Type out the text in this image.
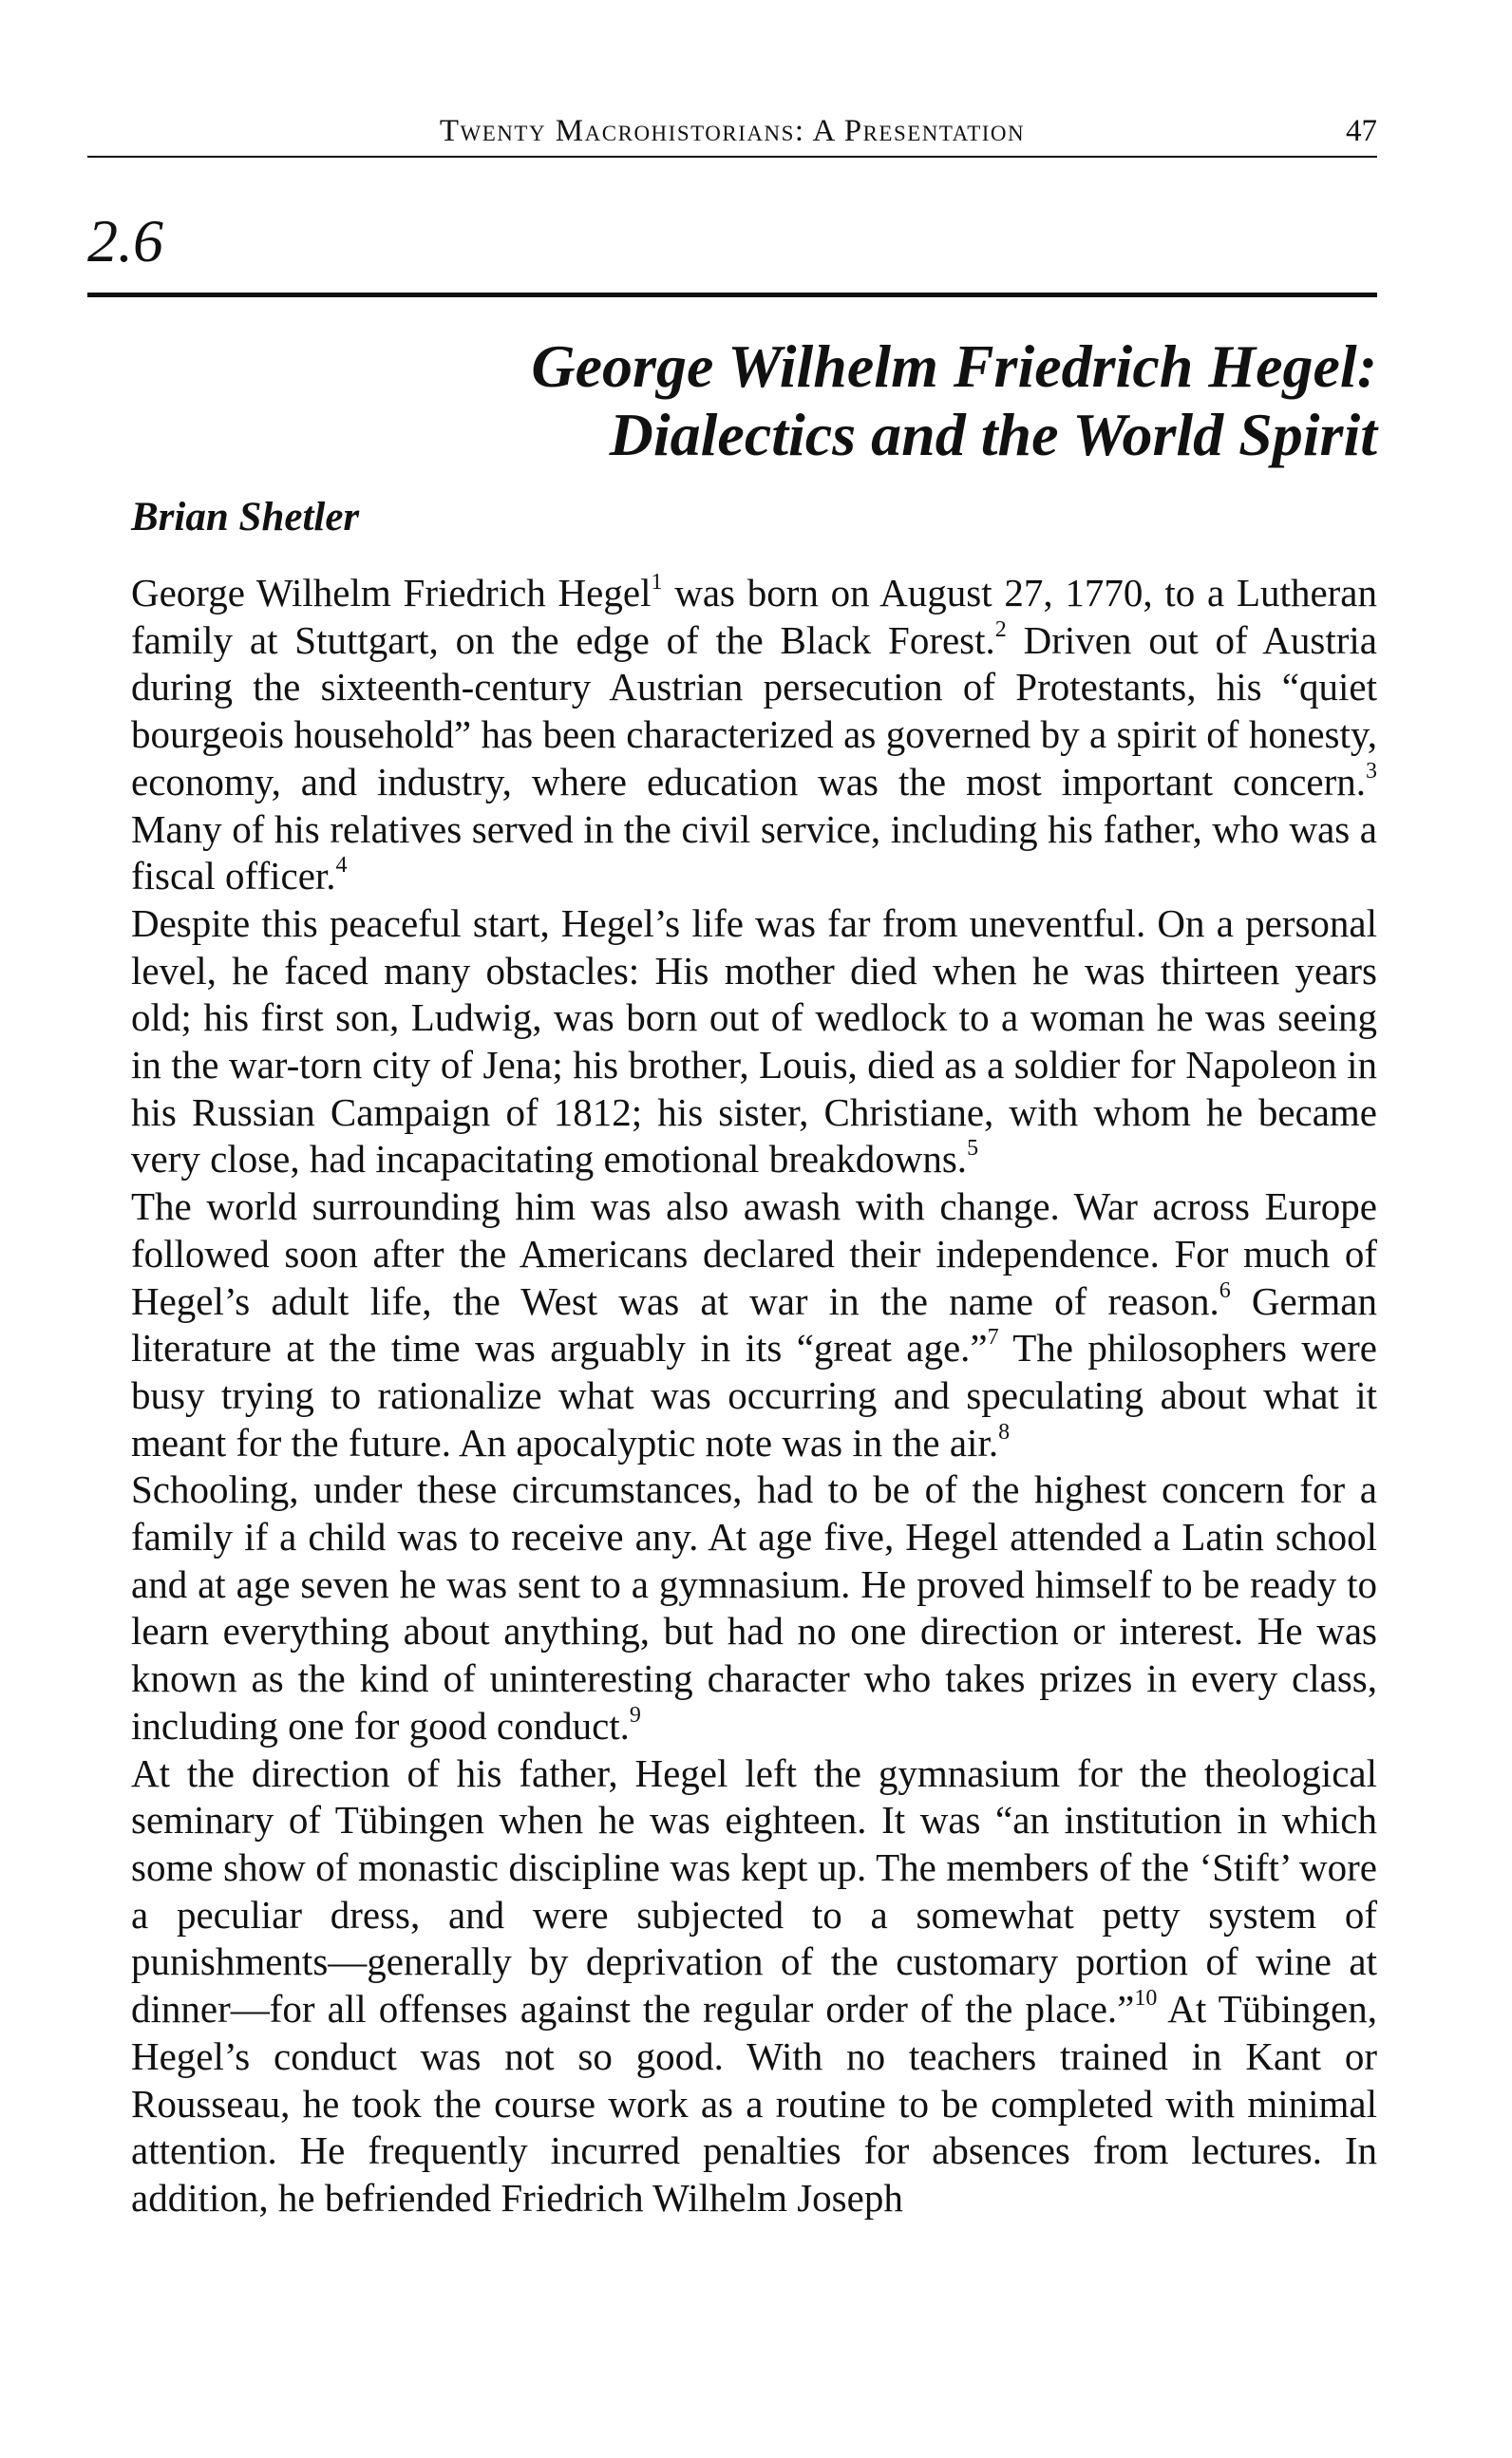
Twenty Macrohistorians: A Presentation	47
2.6
George Wilhelm Friedrich Hegel:
Dialectics and the World Spirit
Brian Shetler

George Wilhelm Friedrich Hegel$^1$ was born on August 27, 1770, to a Lutheran family at Stuttgart, on the edge of the Black Forest.$^2$ Driven out of Austria during the sixteenth-century Austrian persecution of Protestants, his “quiet bourgeois household” has been characterized as governed by a spirit of honesty, economy, and industry, where education was the most important concern.$^3$ Many of his relatives served in the civil service, including his father, who was a fiscal officer.$^4$

Despite this peaceful start, Hegel’s life was far from uneventful. On a personal level, he faced many obstacles: His mother died when he was thirteen years old; his first son, Ludwig, was born out of wedlock to a woman he was seeing in the war-torn city of Jena; his brother, Louis, died as a soldier for Napoleon in his Russian Campaign of 1812; his sister, Christiane, with whom he became very close, had incapacitating emotional breakdowns.$^5$

The world surrounding him was also awash with change. War across Europe followed soon after the Americans declared their independence. For much of Hegel’s adult life, the West was at war in the name of reason.$^6$ German literature at the time was arguably in its “great age.”$^7$ The philosophers were busy trying to rationalize what was occurring and speculating about what it meant for the future. An apocalyptic note was in the air.$^8$

Schooling, under these circumstances, had to be of the highest concern for a family if a child was to receive any. At age five, Hegel attended a Latin school and at age seven he was sent to a gymnasium. He proved himself to be ready to learn everything about anything, but had no one direction or interest. He was known as the kind of uninteresting character who takes prizes in every class, including one for good conduct.$^9$

At the direction of his father, Hegel left the gymnasium for the theological seminary of Tübingen when he was eighteen. It was “an institution in which some show of monastic discipline was kept up. The members of the ‘Stift’ wore a peculiar dress, and were subjected to a somewhat petty system of punishments—generally by deprivation of the customary portion of wine at dinner—for all offenses against the regular order of the place.”$^{10}$ At Tübingen, Hegel’s conduct was not so good. With no teachers trained in Kant or Rousseau, he took the course work as a routine to be completed with minimal attention. He frequently incurred penalties for absences from lectures. In addition, he befriended Friedrich Wilhelm Joseph
